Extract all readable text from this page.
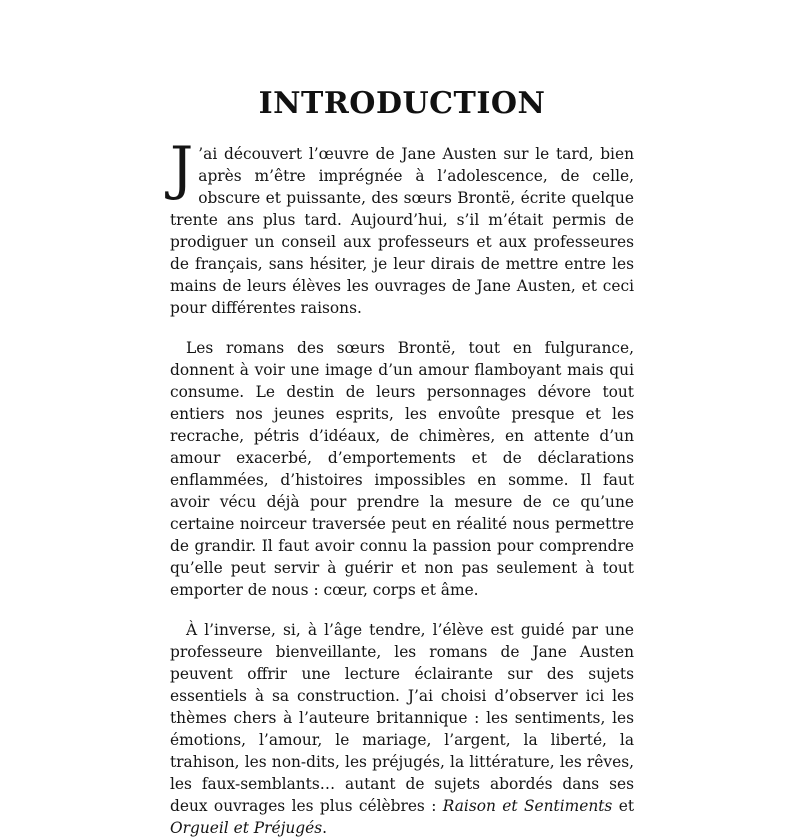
INTRODUCTION

J ’ai découvert l’œuvre de Jane Austen sur le tard, bien après m’être imprégnée à l’adolescence, de celle, obscure et puissante, des sœurs Brontë, écrite quelque trente ans plus tard. Aujourd’hui, s’il m’était permis de prodiguer un conseil aux professeurs et aux professeures de français, sans hésiter, je leur dirais de mettre entre les mains de leurs élèves les ouvrages de Jane Austen, et ceci pour différentes raisons.

Les romans des sœurs Brontë, tout en fulgurance, donnent à voir une image d’un amour flamboyant mais qui consume. Le destin de leurs personnages dévore tout entiers nos jeunes esprits, les envoûte presque et les recrache, pétris d’idéaux, de chimères, en attente d’un amour exacerbé, d’emportements et de déclarations enflammées, d’histoires impossibles en somme. Il faut avoir vécu déjà pour prendre la mesure de ce qu’une certaine noirceur traversée peut en réalité nous permettre de grandir. Il faut avoir connu la passion pour comprendre qu’elle peut servir à guérir et non pas seulement à tout emporter de nous : cœur, corps et âme.

À l’inverse, si, à l’âge tendre, l’élève est guidé par une professeure bienveillante, les romans de Jane Austen peuvent offrir une lecture éclairante sur des sujets essentiels à sa construction. J’ai choisi d’observer ici les thèmes chers à l’auteure britannique : les sentiments, les émotions, l’amour, le mariage, l’argent, la liberté, la trahison, les non-dits, les préjugés, la littérature, les rêves, les faux-semblants… autant de sujets abordés dans ses deux ouvrages les plus célèbres : Raison et Sentiments et Orgueil et Préjugés.
